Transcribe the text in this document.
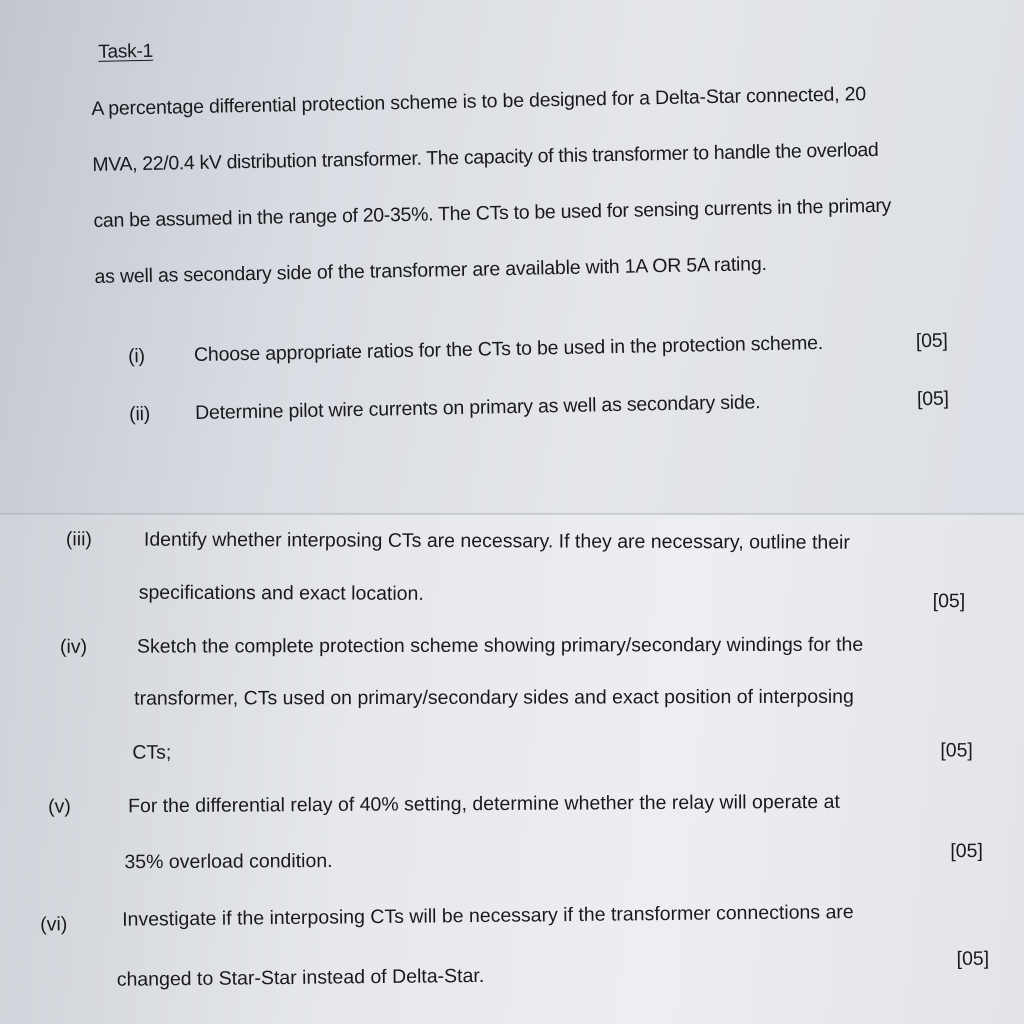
Task-1
A percentage differential protection scheme is to be designed for a Delta-Star connected, 20
MVA, 22/0.4 kV distribution transformer. The capacity of this transformer to handle the overload
can be assumed in the range of 20-35%. The CTs to be used for sensing currents in the primary
as well as secondary side of the transformer are available with 1A OR 5A rating.
(i)	Choose appropriate ratios for the CTs to be used in the protection scheme.	[05]
(ii) Determine pilot wire currents on primary as well as secondary side.	[05]
(iii)	Identify whether interposing CTs are necessary. If they are necessary, outline their
specifications and exact location.	[05]
(iv)	Sketch the complete protection scheme showing primary/secondary windings for the
transformer, CTs used on primary/secondary sides and exact position of interposing
CTs;	[05]
(v)	For the differential relay of 40% setting, determine whether the relay will operate at
35% overload condition.	[05]
(vi)	Investigate if the interposing CTs will be necessary if the transformer connections are
changed to Star-Star instead of Delta-Star.
[05]
